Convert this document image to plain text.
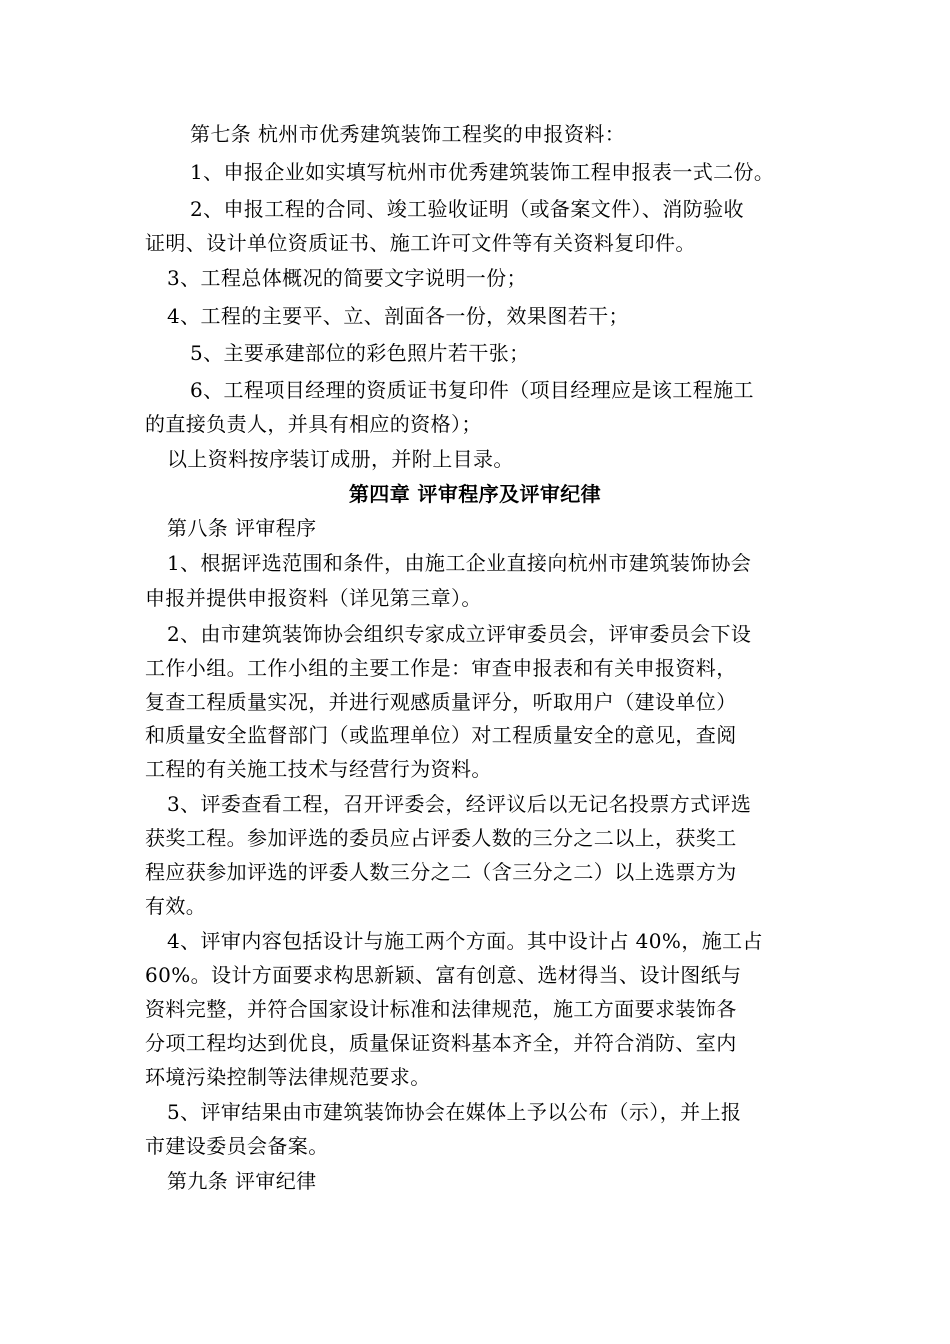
第七条 杭州市优秀建筑装饰工程奖的申报资料：
1、申报企业如实填写杭州市优秀建筑装饰工程申报表一式二份。
2、申报工程的合同、竣工验收证明（或备案文件）、消防验收
证明、设计单位资质证书、施工许可文件等有关资料复印件。
3、工程总体概况的简要文字说明一份；
4、工程的主要平、立、剖面各一份，效果图若干；
5、主要承建部位的彩色照片若干张；
6、工程项目经理的资质证书复印件（项目经理应是该工程施工
的直接负责人，并具有相应的资格）；
以上资料按序装订成册，并附上目录。
第四章 评审程序及评审纪律
第八条 评审程序
1、根据评选范围和条件，由施工企业直接向杭州市建筑装饰协会
申报并提供申报资料（详见第三章）。
2、由市建筑装饰协会组织专家成立评审委员会，评审委员会下设
工作小组。工作小组的主要工作是：审查申报表和有关申报资料，
复查工程质量实况，并进行观感质量评分，听取用户（建设单位）
和质量安全监督部门（或监理单位）对工程质量安全的意见，查阅
工程的有关施工技术与经营行为资料。
3、评委查看工程，召开评委会，经评议后以无记名投票方式评选
获奖工程。参加评选的委员应占评委人数的三分之二以上，获奖工
程应获参加评选的评委人数三分之二（含三分之二）以上选票方为
有效。
4、评审内容包括设计与施工两个方面。其中设计占 40%，施工占
60%。设计方面要求构思新颖、富有创意、选材得当、设计图纸与
资料完整，并符合国家设计标准和法律规范，施工方面要求装饰各
分项工程均达到优良，质量保证资料基本齐全，并符合消防、室内
环境污染控制等法律规范要求。
5、评审结果由市建筑装饰协会在媒体上予以公布（示），并上报
市建设委员会备案。
第九条 评审纪律
